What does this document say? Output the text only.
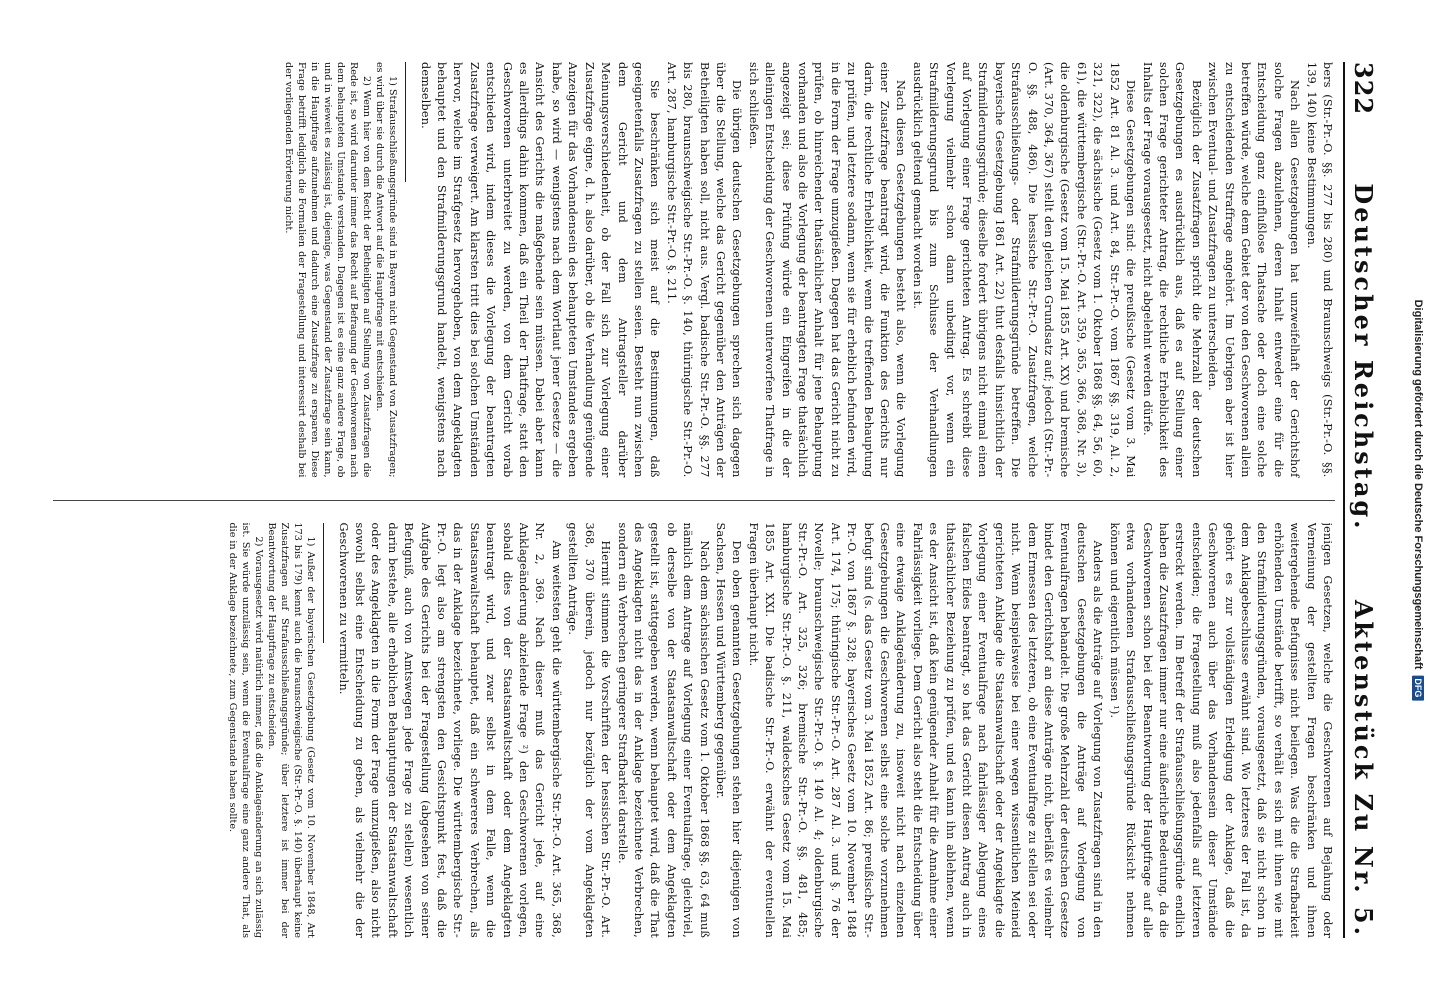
322
Deutscher Reichstag.
Aktenstück Zu Nr. 5.

bers (Str.-Pr.-O. §§. 277 bis 280) und Braunschweigs (Str.-Pr.-O. §§. 139, 140) keine Bestimmungen.

Nach allen Gesetzgebungen hat unzweifelhaft der Gerichtshof solche Fragen abzulehnen, deren Inhalt entweder eine für die Entscheidung ganz einflußlose Thatsache oder doch eine solche betreffen würde, welche dem Gebiet der von den Geschworenen allein zu entscheidenden Straffrage angehört. Im Uebrigen aber ist hier zwischen Eventual- und Zusatzfragen zu unterscheiden.

Bezüglich der Zusatzfragen spricht die Mehrzahl der deutschen Gesetzgebungen es ausdrücklich aus, daß es auf Stellung einer solchen Frage gerichteter Antrag, die rechtliche Erheblichkeit des Inhalts der Frage vorausgesetzt, nicht abgelehnt werden dürfe.

Diese Gesetzgebungen sind: die preußische (Gesetz vom 3. Mai 1852 Art. 81 Al. 3. und Art. 84, Str.-Pr.-O. vom 1867 §§. 319, Al. 2, 321, 322), die sächsische (Gesetz vom 1. Oktober 1868 §§. 64, 56, 60, 61), die württembergische (Str.-Pr.-O. Art. 359, 365, 366, 368, Nr. 3), die oldenburgische (Gesetz vom 15. Mai 1855 Art. XX) und bremische (Art. 370, 364, 367) stellt den gleichen Grundsatz auf; jedoch (Str.-Pr.-O. §§. 488, 486). Die hessische Str.-Pr.-O. Zusatzfragen, welche Strafausschließungs- oder Strafmilderungsgründe betreffen. Die bayerische Gesetzgebung 1861 Art. 22) thut desfalls hinsichtlich der Strafmilderungsgründe; dieselbe fordert übrigens nicht einmal einen auf Vorlegung einer Frage gerichteten Antrag. Es schreibt diese Vorlegung vielmehr schon dann unbedingt vor, wenn ein Strafmilderungsgrund bis zum Schlusse der Verhandlungen ausdrücklich geltend gemacht worden ist.

Nach diesen Gesetzgebungen besteht also, wenn die Vorlegung einer Zusatzfrage beantragt wird, die Funktion des Gerichts nur darin, die rechtliche Erheblichkeit, wenn die treffenden Behauptung zu prüfen, und letztere sodann, wenn sie für erheblich befunden wird, in die Form der Frage umzugießen. Dagegen hat das Gericht nicht zu prüfen, ob hinreichender thatsächlicher Anhalt für jene Behauptung vorhanden und also die Vorlegung der beantragten Frage thatsächlich angezeigt sei; diese Prüfung würde ein Eingreifen in die der alleinigen Entscheidung der Geschworenen unterworfene Thatfrage in sich schließen.

Die übrigen deutschen Gesetzgebungen sprechen sich dagegen über die Stellung, welche das Gericht gegenüber den Anträgen der Betheiligten haben soll, nicht aus. Vergl. badische Str.-Pr.-O. §§. 277 bis 280, braunschweigische Str.-Pr.-O. §. 140, thüringische Str.-Pr.-O. Art. 287, hamburgische Str.-Pr.-O. §. 211.

Sie beschränken sich meist auf die Bestimmungen, daß geeignetenfalls Zusatzfragen zu stellen seien. Besteht nun zwischen dem Gericht und dem Antragsteller darüber Meinungsverschiedenheit, ob der Fall sich zur Vorlegung einer Zusatzfrage eigne, d. h. also darüber, ob die Verhandlung genügende Anzeigen für das Vorhandensein des behaupteten Umstandes ergeben habe, so wird — wenigstens nach dem Wortlaut jener Gesetze — die Ansicht des Gerichts die maßgebende sein müssen. Dabei aber kann es allerdings dahin kommen, daß ein Theil der Thatfrage, statt den Geschworenen unterbreitet zu werden, von dem Gericht vorab entschieden wird, indem dieses die Vorlegung der beantragten Zusatzfrage verweigert. Am klarsten tritt dies bei solchen Umständen hervor, welche im Strafgesetz hervorgehoben, von dem Angeklagten behauptet und den Strafmilderungsgrund handelt, wenigstens nach demselben.

1) Strafausschließungsgründe sind in Bayern nicht Gegenstand von Zusatzfragen; es wird über sie durch die Antwort auf die Hauptfrage mit entschieden.

2) Wenn hier von dem Recht der Betheiligten auf Stellung von Zusatzfragen die Rede ist, so wird darunter immer das Recht auf Befragung der Geschworenen nach dem behaupteten Umstande verstanden. Dagegen ist es eine ganz andere Frage, ob und in wieweit es zulässig ist, diejenige, was Gegenstand der Zusatzfrage sein kann, in die Hauptfrage aufzunehmen und dadurch eine Zusatzfrage zu ersparen. Diese Frage betrifft lediglich die Formalien der Fragestellung und interessirt deshalb bei der vorliegenden Erörterung nicht.

jenigen Gesetzen, welche die Geschworenen auf Bejahung oder Verneinung der gestellten Fragen beschränken und ihnen weitergehende Befugnisse nicht beilegen. Was die die Strafbarkeit erhöhenden Umstände betrifft, so verhält es sich mit ihnen wie mit den Strafmilderungsgründen, vorausgesetzt, daß sie nicht schon in dem Anklagebeschlusse erwähnt sind. Wo letzteres der Fall ist, da gehört es zur vollständigen Erledigung der Anklage, daß die Geschworenen auch über das Vorhandensein dieser Umstände entscheiden; die Fragestellung muß also jedenfalls auf letzteren erstreckt werden. Im Betreff der Strafausschließungsgründe endlich haben die Zusatzfragen immer nur eine äußerliche Bedeutung, da die Geschworenen schon bei der Beantwortung der Hauptfrage auf alle etwa vorhandenen Strafausschließungsgründe Rücksicht nehmen können und eigentlich müssen ¹).

Anders als die Anträge auf Vorlegung von Zusatzfragen sind in den deutschen Gesetzgebungen die Anträge auf Vorlegung von Eventualfragen behandelt. Die große Mehrzahl der deutschen Gesetze bindet den Gerichtshof an diese Anträge nicht, überläßt es vielmehr dem Ermessen des letzteren, ob eine Eventualfrage zu stellen sei oder nicht. Wenn beispielsweise bei einer wegen wissentlichen Meineid gerichteten Anklage die Staatsanwaltschaft oder der Angeklagte die Vorlegung einer Eventualfrage nach fahrlässiger Ablegung eines falschen Eides beantragt, so hat das Gericht diesen Antrag auch in thatsächlicher Beziehung zu prüfen, und es kann ihn ablehnen, wenn es der Ansicht ist, daß kein genügender Anhalt für die Annahme einer Fahrlässigkeit vorliege. Dem Gericht also steht die Entscheidung über eine etwaige Anklageänderung zu, insoweit nicht nach einzelnen Gesetzgebungen die Geschworenen selbst eine solche vorzunehmen befugt sind (s. das Gesetz vom 3. Mai 1852 Art. 86; preußische Str.-Pr.-O. von 1867 §. 328; bayerisches Gesetz vom 10. November 1848 Art. 174, 175; thüringische Str.-Pr.-O. Art. 287 Al. 3. und §. 76 der Novelle; braunschweigische Str.-Pr.-O. §. 140 Al. 4; oldenburgische Str.-Pr.-O. Art. 325, 326; bremische Str.-Pr.-O. §§. 481, 485; hamburgische Str.-Pr.-O. §. 211, waldecksches Gesetz vom 15. Mai 1855 Art. XXI. Die badische Str.-Pr.-O. erwähnt der eventuellen Fragen überhaupt nicht.

Den oben genannten Gesetzgebungen stehen hier diejenigen von Sachsen, Hessen und Württemberg gegenüber.

Nach dem sächsischen Gesetz vom 1. Oktober 1868 §§. 63, 64 muß nämlich dem Antrage auf Vorlegung einer Eventualfrage, gleichviel, ob derselbe von der Staatsanwaltschaft oder dem Angeklagten gestellt ist, stattgegeben werden, wenn behauptet wird, daß die That des Angeklagten nicht das in der Anklage bezeichnete Verbrechen, sondern ein Verbrechen geringerer Strafbarkeit darstelle.

Hiermit stimmen die Vorschriften der hessischen Str.-Pr.-O. Art. 368, 370 überein, jedoch nur bezüglich der vom Angeklagten gestellten Anträge.

Am weitesten geht die württembergische Str.-Pr.-O. Art. 365, 368, Nr. 2, 369. Nach dieser muß das Gericht jede, auf eine Anklageänderung abzielende Frage ²) den Geschworenen vorlegen, sobald dies von der Staatsanwaltschaft oder dem Angeklagten beantragt wird, und zwar selbst in dem Falle, wenn die Staatsanwaltschaft behauptet, daß ein schwereres Verbrechen, als das in der Anklage bezeichnete, vorliege. Die württembergische Str.-Pr.-O. legt also am strengsten den Gesichtspunkt fest, daß die Aufgabe des Gerichts bei der Fragestellung (abgesehen von seiner Befugniß, auch von Amtswegen jede Frage zu stellen) wesentlich darin bestehe, alle erheblichen Behauptungen der Staatsanwaltschaft oder des Angeklagten in die Form der Frage umzugießen, also nicht sowohl selbst eine Entscheidung zu geben, als vielmehr die der Geschworenen zu vermitteln.

1) Außer der bayerischen Gesetzgebung (Gesetz vom 10. November 1848, Art 173 bis 179) kennt auch die braunschweigische (Str.-Pr.-O. §. 140) überhaupt keine Zusatzfragen auf Strafausschließungsgründe; über letztere ist immer bei der Beantwortung der Hauptfrage zu entscheiden.

2) Vorausgesetzt wird natürlich immer, daß die Anklageänderung an sich zulässig ist. Sie würde unzulässig sein, wenn die Eventualfrage eine ganz andere That, als die in der Anklage bezeichnete, zum Gegenstande haben sollte.

Digitalisierung gefördert durch die Deutsche Forschungsgemeinschaft
DFG
